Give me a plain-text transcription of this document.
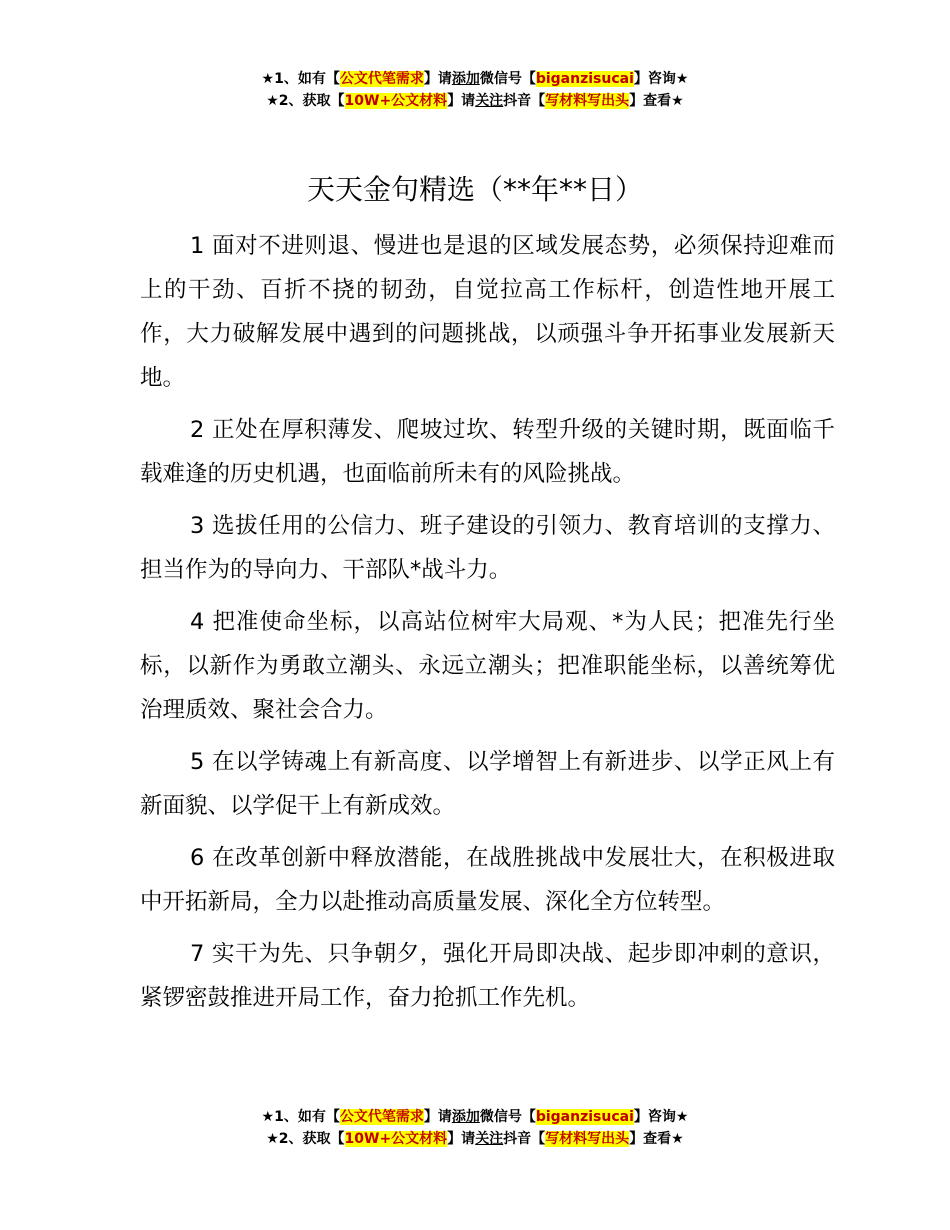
★1、如有【公文代笔需求】请添加微信号【biganzisucai】咨询★
★2、获取【10W+公文材料】请关注抖音【写材料写出头】查看★
天天金句精选（**年**日）

1 面对不进则退、慢进也是退的区域发展态势，必须保持迎难而上的干劲、百折不挠的韧劲，自觉拉高工作标杆，创造性地开展工作，大力破解发展中遇到的问题挑战，以顽强斗争开拓事业发展新天地。

2 正处在厚积薄发、爬坡过坎、转型升级的关键时期，既面临千载难逢的历史机遇，也面临前所未有的风险挑战。

3 选拔任用的公信力、班子建设的引领力、教育培训的支撑力、担当作为的导向力、干部队*战斗力。

4 把准使命坐标，以高站位树牢大局观、*为人民；把准先行坐标，以新作为勇敢立潮头、永远立潮头；把准职能坐标，以善统筹优治理质效、聚社会合力。

5 在以学铸魂上有新高度、以学增智上有新进步、以学正风上有新面貌、以学促干上有新成效。

6 在改革创新中释放潜能，在战胜挑战中发展壮大，在积极进取中开拓新局，全力以赴推动高质量发展、深化全方位转型。

7 实干为先、只争朝夕，强化开局即决战、起步即冲刺的意识，紧锣密鼓推进开局工作，奋力抢抓工作先机。

★1、如有【公文代笔需求】请添加微信号【biganzisucai】咨询★
★2、获取【10W+公文材料】请关注抖音【写材料写出头】查看★
